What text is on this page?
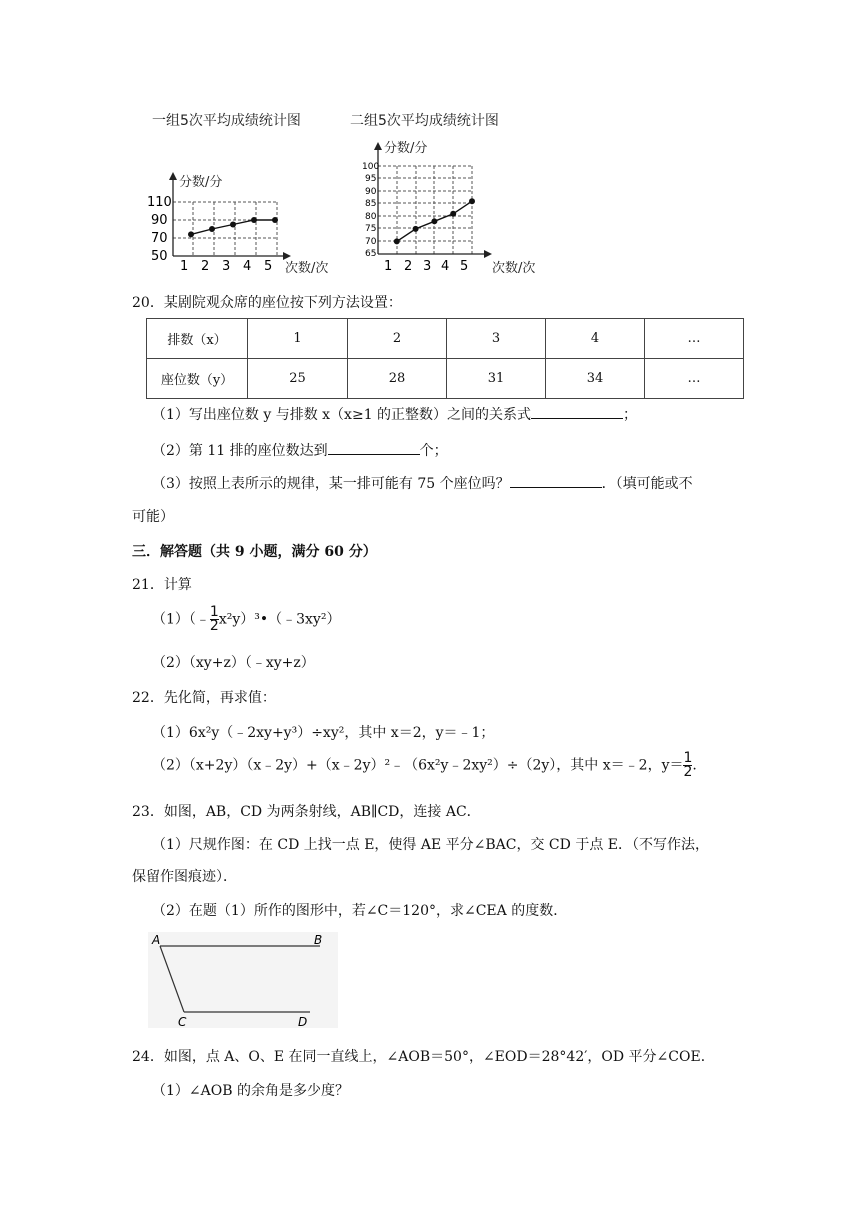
一组5次平均成绩统计图
分数/分
次数/次
110
90
70
50
1 2 3 4 5
二组5次平均成绩统计图
分数/分
次数/次
100
95
90
85
80
75
70
65
1 2 3 4 5
20．某剧院观众席的座位按下列方法设置：
排数（x）	1	2	3	4	…
座位数（y）	25	28	31	34	…
（1）写出座位数 y 与排数 x（x≥1 的正整数）之间的关系式	；
（2）第 11 排的座位数达到	个；
（3）按照上表所示的规律，某一排可能有 75 个座位吗？	．（填可能或不
可能）
三．解答题（共 9 小题，满分 60 分）
21．计算
（1）（﹣ $\frac{1}{2}$ x²y）³•（﹣3xy²）
（2）（xy+z）（﹣xy+z）
22．先化简，再求值：
（1）6x²y（﹣2xy+y³）÷xy²，其中 x＝2，y＝﹣1；
（2）（x+2y）（x﹣2y）+（x﹣2y）²﹣（6x²y﹣2xy²）÷（2y），其中 x＝﹣2，$y= \frac{1}{2}$ .
23．如图，AB，CD 为两条射线，AB∥CD，连接 AC．
（1）尺规作图：在 CD 上找一点 E，使得 AE 平分∠BAC，交 CD 于点 E．（不写作法，
保留作图痕迹）．
（2）在题（1）所作的图形中，若∠C＝120°，求∠CEA 的度数．
A	B
C	D
24．如图，点 A、O、E 在同一直线上，∠AOB＝50°，∠EOD＝28°42′，OD 平分∠COE．
（1）∠AOB 的余角是多少度？
